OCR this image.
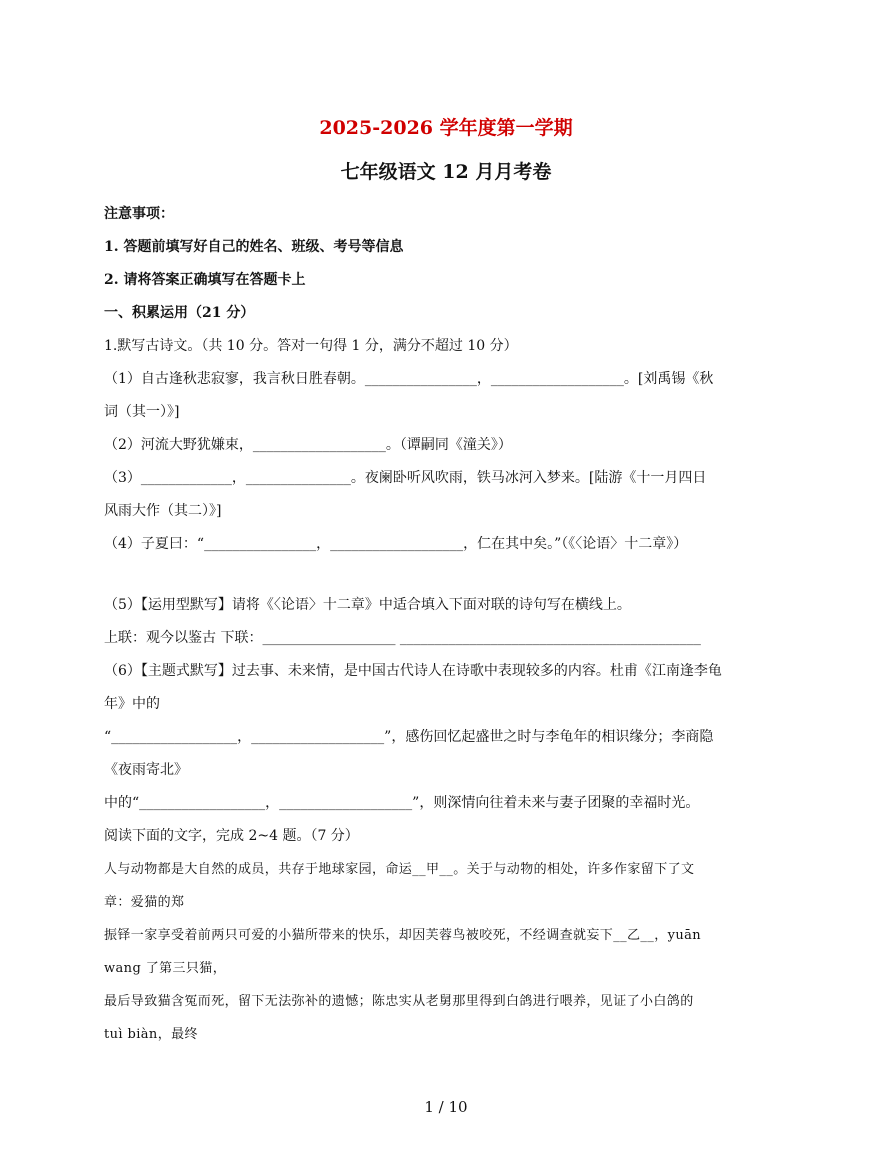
2025-2026 学年度第一学期

七年级语文 12 月月考卷

注意事项：

1. 答题前填写好自己的姓名、班级、考号等信息

2. 请将答案正确填写在答题卡上

一、积累运用（21 分）

1.默写古诗文。（共 10 分。答对一句得 1 分，满分不超过 10 分）

（1）自古逢秋悲寂寥，我言秋日胜春朝。________________，___________________。[刘禹锡《秋

词（其一）》]

（2）河流大野犹嫌束，___________________。（谭嗣同《潼关》）

（3）_____________，_______________。夜阑卧听风吹雨，铁马冰河入梦来。[陆游《十一月四日

风雨大作（其二）》]

（4）子夏曰：“________________，___________________，仁在其中矣。”（《〈论语〉十二章》）

（5）【运用型默写】请将《〈论语〉十二章》中适合填入下面对联的诗句写在横线上。

上联：观今以鉴古 下联：___________________ ___________________________________________

（6）【主题式默写】过去事、未来情，是中国古代诗人在诗歌中表现较多的内容。杜甫《江南逢李龟

年》中的

“__________________，___________________”，感伤回忆起盛世之时与李龟年的相识缘分；李商隐

《夜雨寄北》

中的“__________________，___________________”，则深情向往着未来与妻子团聚的幸福时光。

阅读下面的文字，完成 2~4 题。（7 分）

人与动物都是大自然的成员，共存于地球家园，命运__甲__。关于与动物的相处，许多作家留下了文

章：爱猫的郑

振铎一家享受着前两只可爱的小猫所带来的快乐，却因芙蓉鸟被咬死，不经调查就妄下__乙__，yuān

wang 了第三只猫，

最后导致猫含冤而死，留下无法弥补的遗憾；陈忠实从老舅那里得到白鸽进行喂养，见证了小白鸽的

tuì biàn，最终

1 / 10
